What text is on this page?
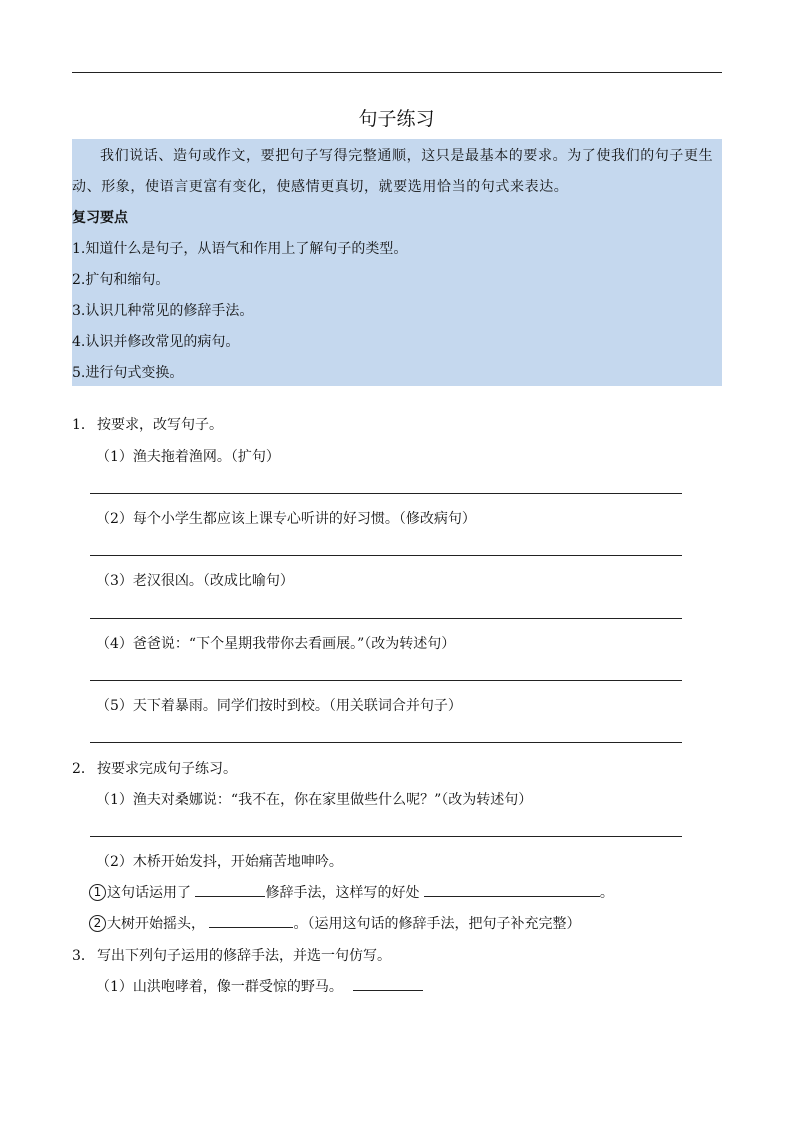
句子练习

我们说话、造句或作文，要把句子写得完整通顺，这只是最基本的要求。为了使我们的句子更生动、形象，使语言更富有变化，使感情更真切，就要选用恰当的句式来表达。

复习要点

1.知道什么是句子，从语气和作用上了解句子的类型。

2.扩句和缩句。

3.认识几种常见的修辞手法。

4.认识并修改常见的病句。

5.进行句式变换。

1． 按要求，改写句子。
（1）渔夫拖着渔网。（扩句）
（2）每个小学生都应该上课专心听讲的好习惯。（修改病句）
（3）老汉很凶。（改成比喻句）
（4）爸爸说：“下个星期我带你去看画展。”（改为转述句）
（5）天下着暴雨。同学们按时到校。（用关联词合并句子）
2． 按要求完成句子练习。
（1）渔夫对桑娜说：“我不在，你在家里做些什么呢？”（改为转述句）
（2）木桥开始发抖，开始痛苦地呻吟。
1 这句话运用了	修辞手法，这样写的好处	。
2 大树开始摇头，	。（运用这句话的修辞手法，把句子补充完整）
3． 写出下列句子运用的修辞手法，并选一句仿写。
（1）山洪咆哮着，像一群受惊的野马。
